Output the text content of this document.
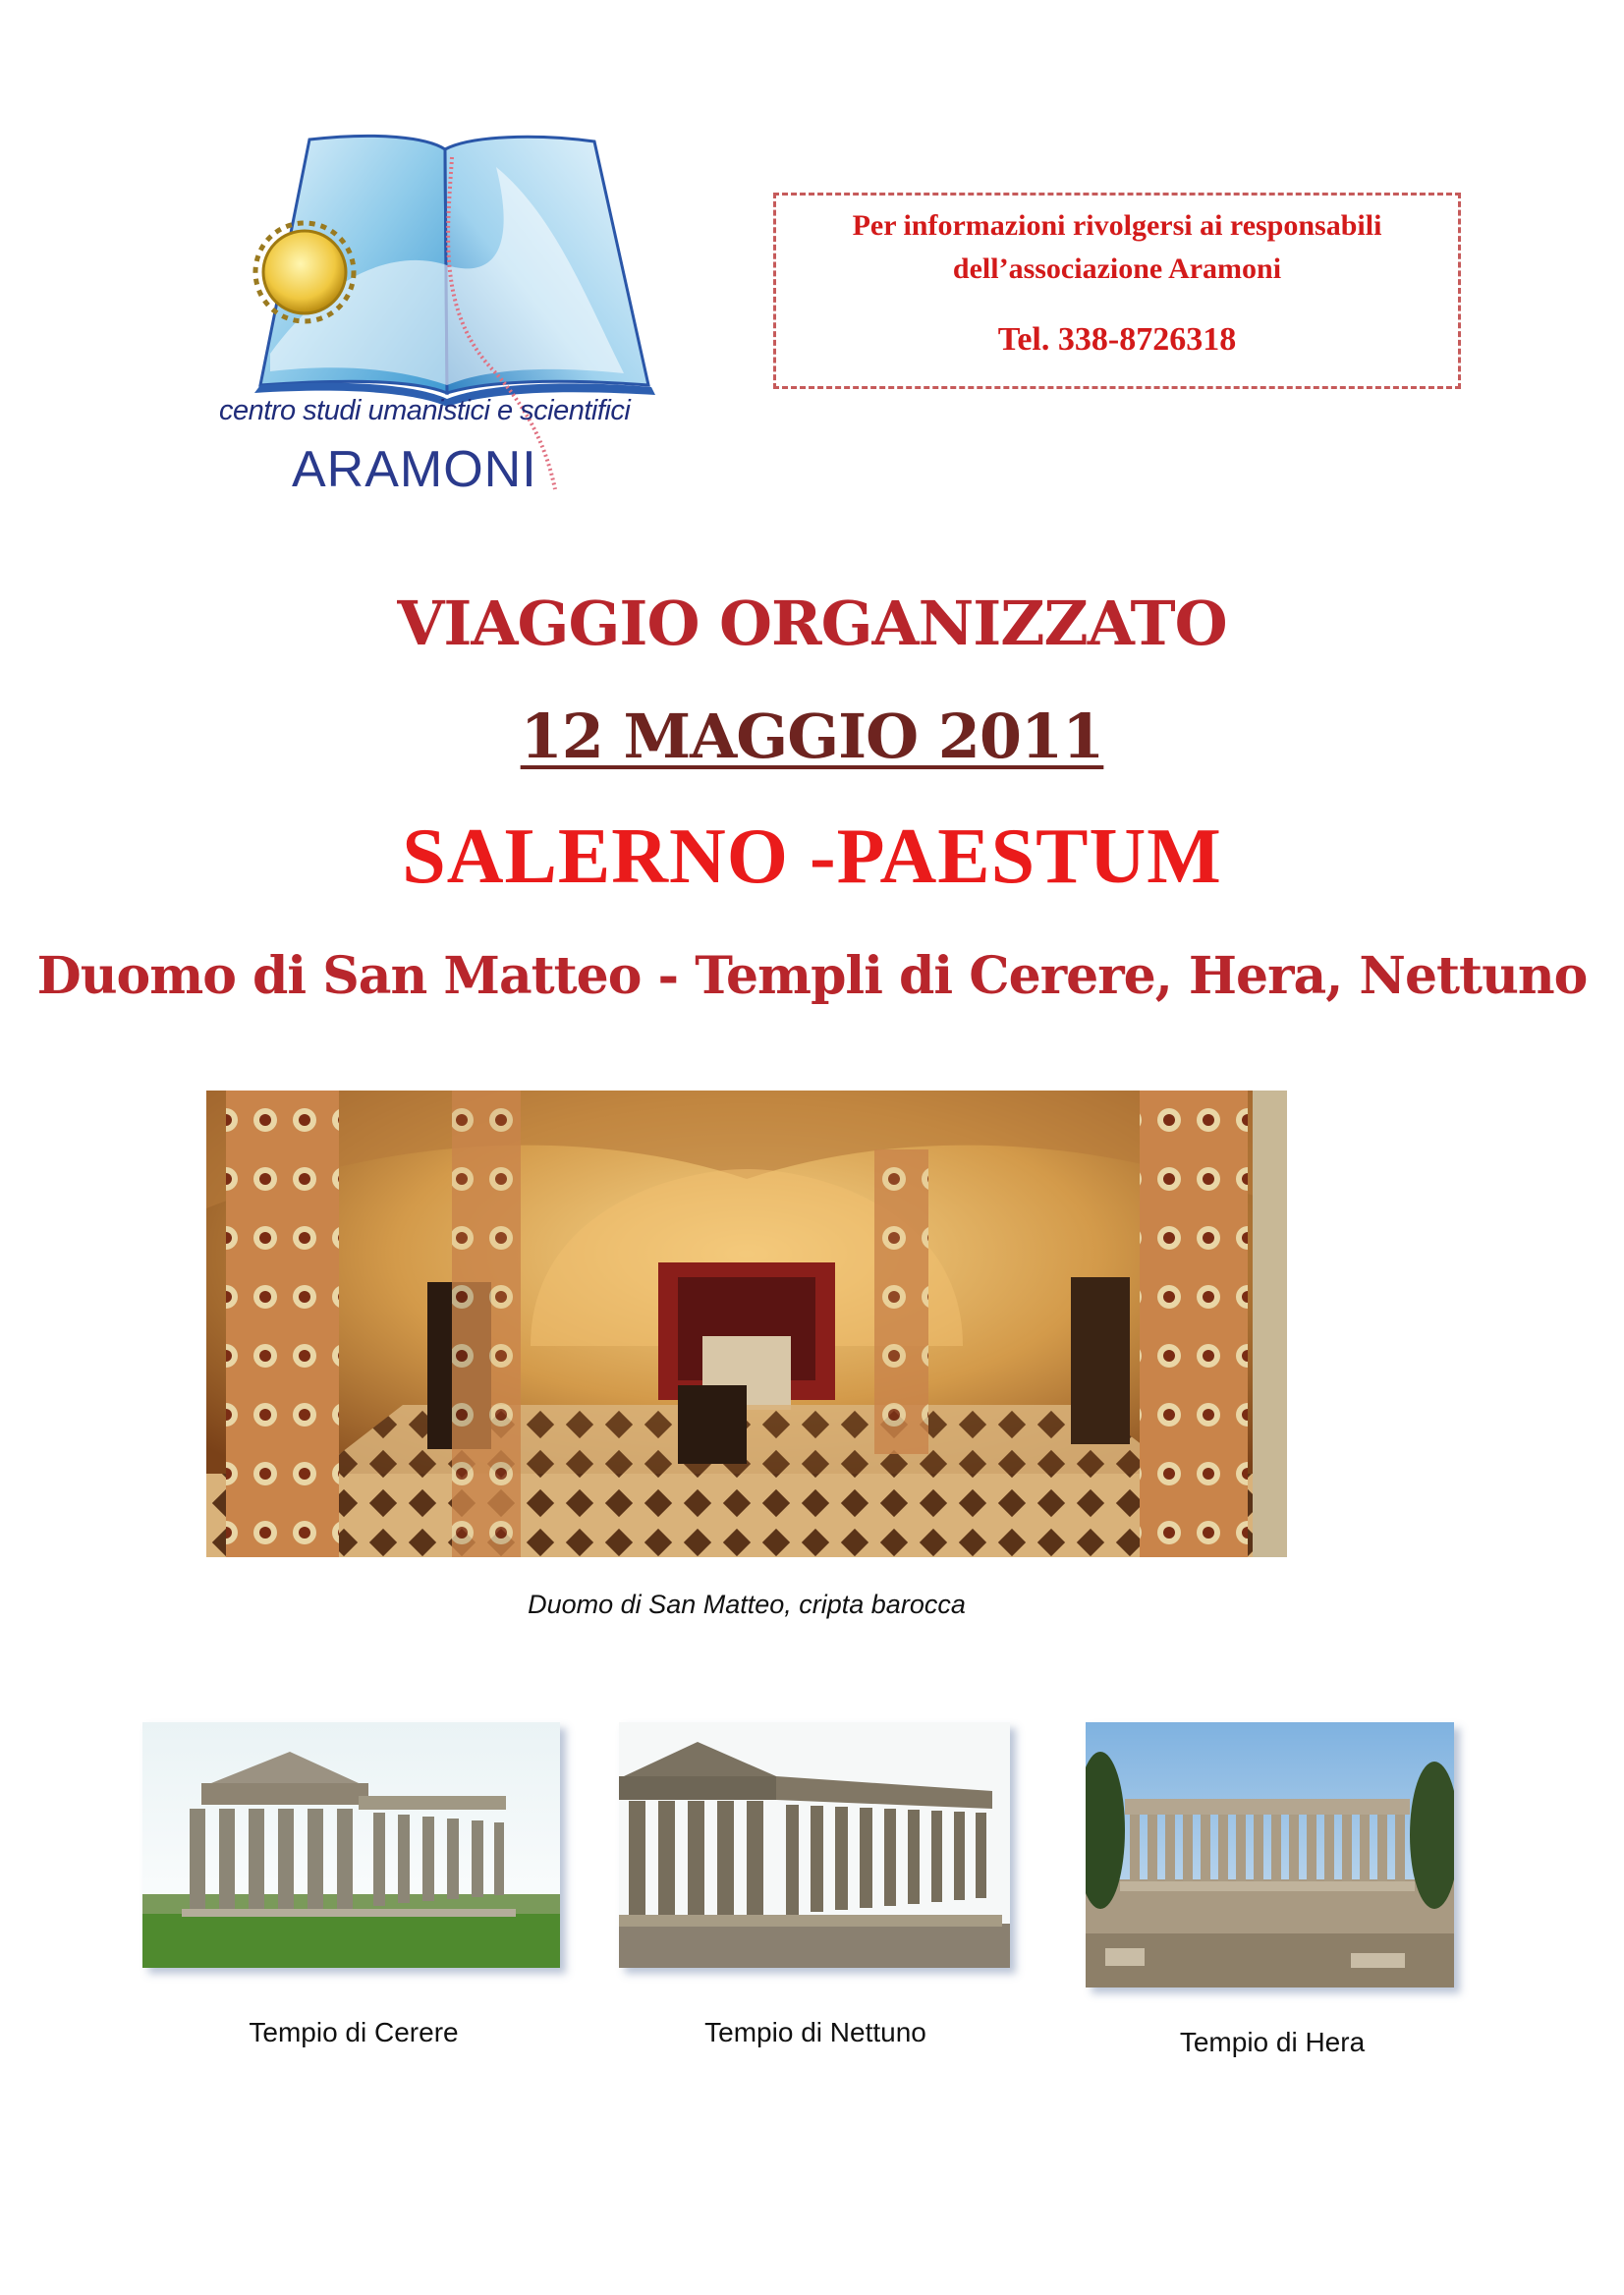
centro studi umanistici e scientifici
ARAMONI
Per informazioni rivolgersi ai responsabili
dell’associazione Aramoni
Tel. 338-8726318
VIAGGIO ORGANIZZATO
12 MAGGIO 2011
SALERNO -PAESTUM
Duomo di San Matteo - Templi di Cerere, Hera, Nettuno
Duomo di San Matteo, cripta barocca
Tempio di Cerere	Tempio di Nettuno	Tempio di Hera
